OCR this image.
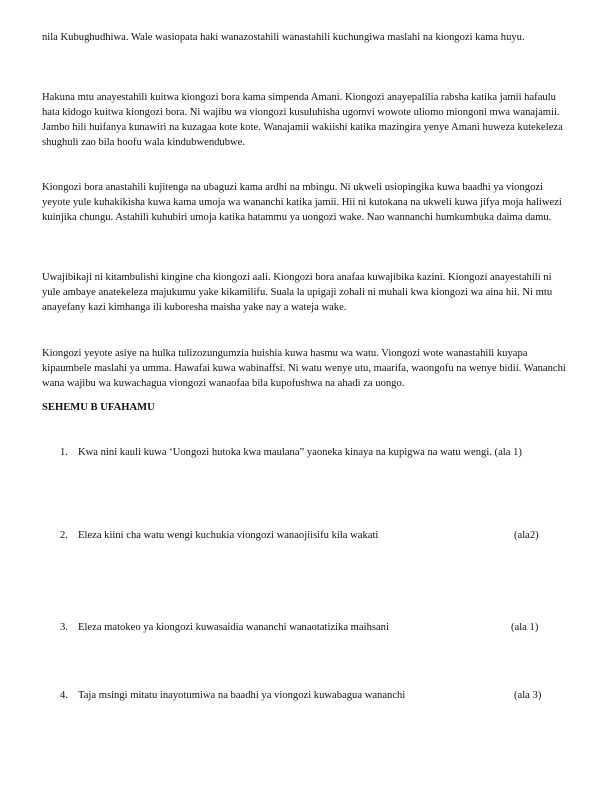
nila Kubughudhiwa. Wale wasiopata haki wanazostahili wanastahili kuchungiwa maslahi na kiongozi kama huyu.

Hakuna mtu anayestahili kuitwa kiongozi bora kama simpenda Amani. Kiongozi anayepalilia rabsha katika jamii hafaulu hata kidogo kuitwa kiongozi bora. Ni wajibu wa viongozi kusuluhisha ugomvi wowote uliomo miongoni mwa wanajamii. Jambo hili huifanya kunawiri na kuzagaa kote kote. Wanajamii wakiishi katika mazingira yenye Amani huweza kutekeleza shughuli zao bila hoofu wala kindubwendubwe.

Kiongozi bora anastahili kujitenga na ubaguzi kama ardhi na mbingu. Ni ukweli usiopingika kuwa baadhi ya viongozi yeyote yule kuhakikisha kuwa kama umoja wa wananchi katika jamii. Hii ni kutokana na ukweli kuwa jifya moja haliwezi kuinjika chungu. Astahili kuhubiri umoja katika hatammu ya uongozi wake. Nao wannanchi humkumbuka daima damu.

Uwajibikaji ni kitambulishi kingine cha kiongozi aali. Kiongozi bora anafaa kuwajibika kazini. Kiongozi anayestahili ni yule ambaye anatekeleza majukumu yake kikamilifu. Suala la upigaji zohali ni muhali kwa kiongozi wa aina hii. Ni mtu anayefany kazi kimhanga ili kuboresha maisha yake nay a wateja wake.

Kiongozi yeyote asiye na hulka tulizozungumzia huishia kuwa hasmu wa watu. Viongozi wote wanastahili kuyapa kipaumbele maslahi ya umma. Hawafai kuwa wabinaffsi. Ni watu wenye utu, maarifa, waongofu na wenye bidii. Wananchi wana wajibu wa kuwachagua viongozi wanaofaa bila kupofushwa na ahadi za uongo.

SEHEMU B UFAHAMU

1. Kwa nini kauli kuwa ‘Uongozi hutoka kwa maulana” yaoneka kinaya na kupigwa na watu wengi. (ala 1)
2. Eleza kiini cha watu wengi kuchukia viongozi wanaojiisifu kila wakati	(ala2)
3. Eleza matokeo ya kiongozi kuwasaidia wananchi wanaotatizika maihsani	(ala 1)
4. Taja msingi mitatu inayotumiwa na baadhi ya viongozi kuwabagua wananchi	(ala 3)
